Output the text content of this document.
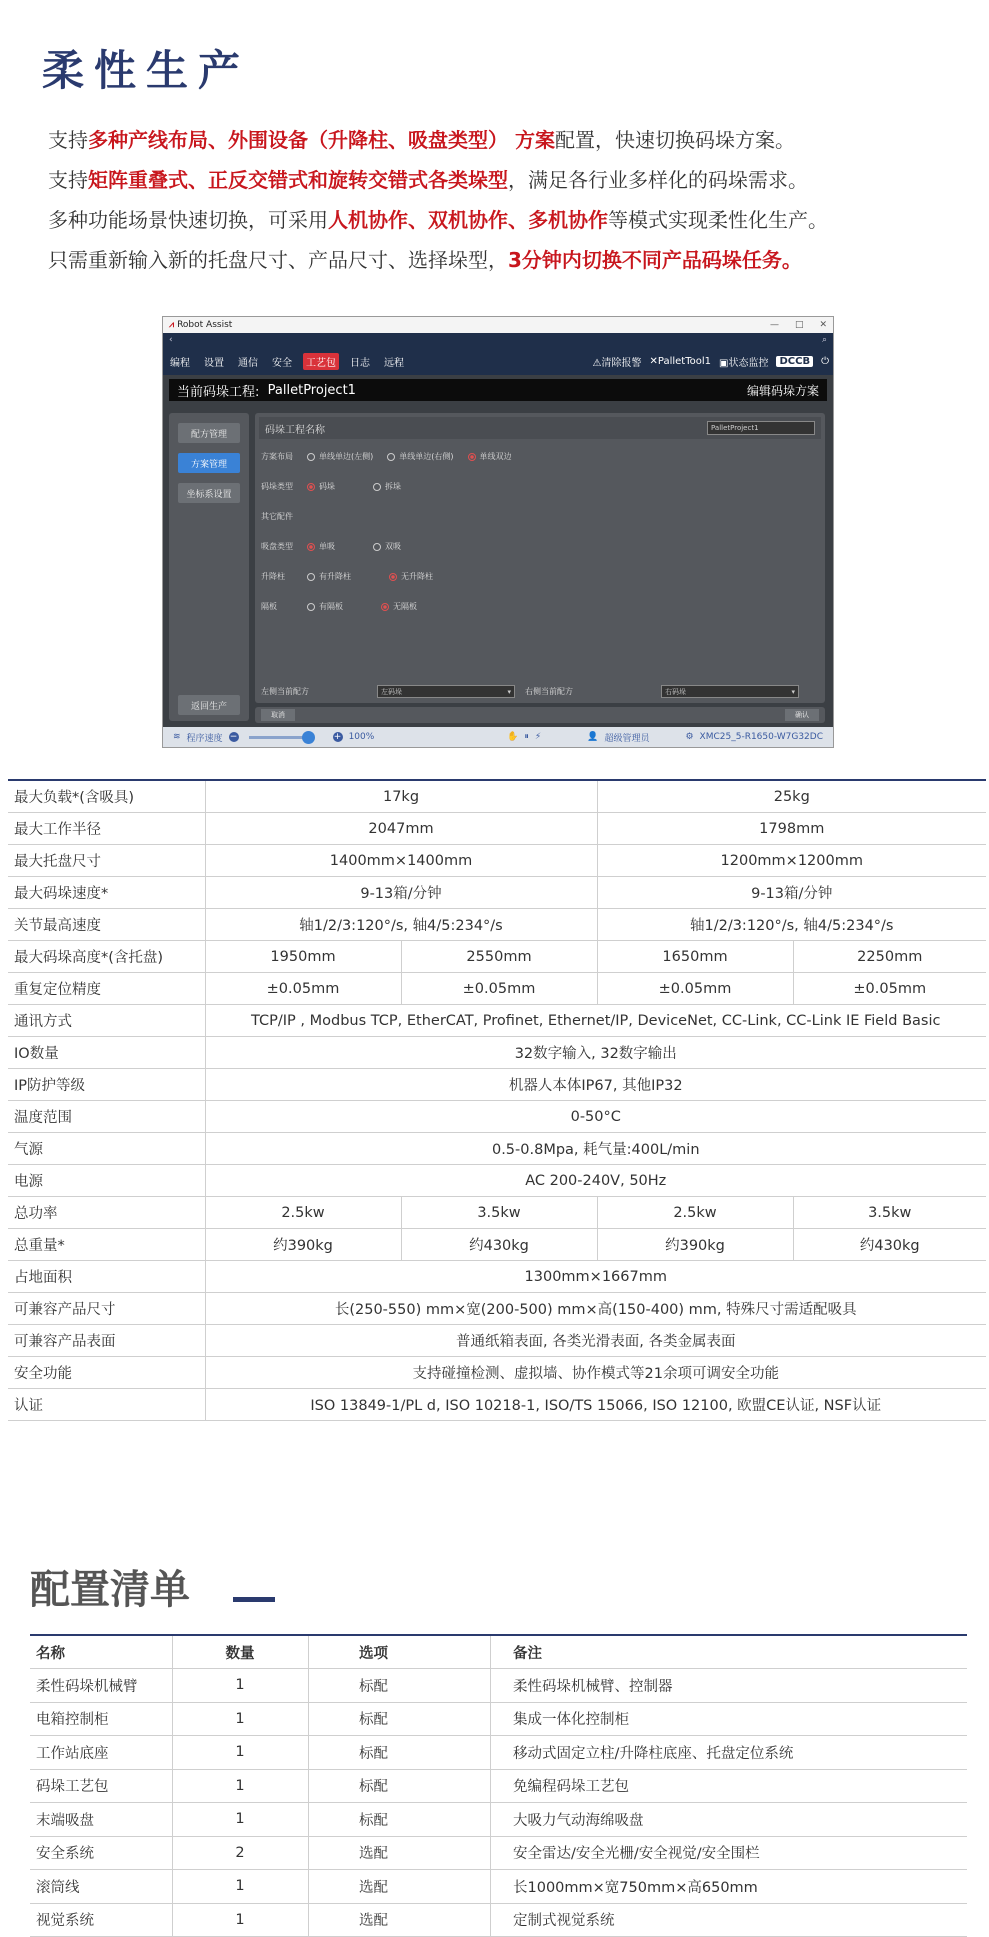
柔性生产
支持多种产线布局、外围设备（升降柱、吸盘类型） 方案配置，快速切换码垛方案。
支持矩阵重叠式、正反交错式和旋转交错式各类垛型，满足各行业多样化的码垛需求。
多种功能场景快速切换，可采用人机协作、双机协作、多机协作等模式实现柔性化生产。
只需重新输入新的托盘尺寸、产品尺寸、选择垛型，3分钟内切换不同产品码垛任务。
⩘ Robot Assist	— □ ✕
‹	⌕
编程	设置	通信	安全	工艺包	日志	远程	⚠清除报警 ✕PalletTool1 ▣状态监控	DCCB	⏻
当前码垛工程:
PalletProject1	编辑码垛方案
配方管理
方案管理
坐标系设置
返回生产
码垛工程名称	PalletProject1
左侧当前配方	左码垛	▾ 右侧当前配方	右码垛	▾
方案布局	单线单边(左侧)	单线单边(右侧)	单线双边
码垛类型	码垛	拆垛
其它配件
吸盘类型	单吸	双吸
升降柱	有升降柱	无升降柱
隔板	有隔板	无隔板
取消	确认
≋ 程序速度 −	+ 100%	✋ ⏸ ⚡	👤 超级管理员	⚙ XMC25_5-R1650-W7G32DC
最大负载*(含吸具)	17kg		25kg	
最大工作半径	2047mm		1798mm	
最大托盘尺寸	1400mm×1400mm		1200mm×1200mm	
最大码垛速度*	9-13箱/分钟		9-13箱/分钟	
关节最高速度	轴1/2/3:120°/s, 轴4/5:234°/s		轴1/2/3:120°/s, 轴4/5:234°/s	
最大码垛高度*(含托盘)	1950mm	2550mm	1650mm	2250mm
重复定位精度	±0.05mm	±0.05mm	±0.05mm	±0.05mm
通讯方式	TCP/IP , Modbus TCP, EtherCAT, Profinet, Ethernet/IP, DeviceNet, CC-Link, CC-Link IE Field Basic			
IO数量	32数字输入, 32数字输出			
IP防护等级	机器人本体IP67, 其他IP32			
温度范围	0-50°C			
气源	0.5-0.8Mpa, 耗气量:400L/min			
电源	AC 200-240V, 50Hz			
总功率	2.5kw	3.5kw	2.5kw	3.5kw
总重量*	约390kg	约430kg	约390kg	约430kg
占地面积	1300mm×1667mm			
可兼容产品尺寸	长(250-550) mm×宽(200-500) mm×高(150-400) mm, 特殊尺寸需适配吸具			
可兼容产品表面	普通纸箱表面, 各类光滑表面, 各类金属表面			
安全功能	支持碰撞检测、虚拟墙、协作模式等21余项可调安全功能			
认证	ISO 13849-1/PL d, ISO 10218-1, ISO/TS 15066, ISO 12100, 欧盟CE认证, NSF认证			
配置清单
名称	数量	选项	备注
柔性码垛机械臂	1	标配	柔性码垛机械臂、控制器
电箱控制柜	1	标配	集成一体化控制柜
工作站底座	1	标配	移动式固定立柱/升降柱底座、托盘定位系统
码垛工艺包	1	标配	免编程码垛工艺包
末端吸盘	1	标配	大吸力气动海绵吸盘
安全系统	2	选配	安全雷达/安全光栅/安全视觉/安全围栏
滚筒线	1	选配	长1000mm×宽750mm×高650mm
视觉系统	1	选配	定制式视觉系统
